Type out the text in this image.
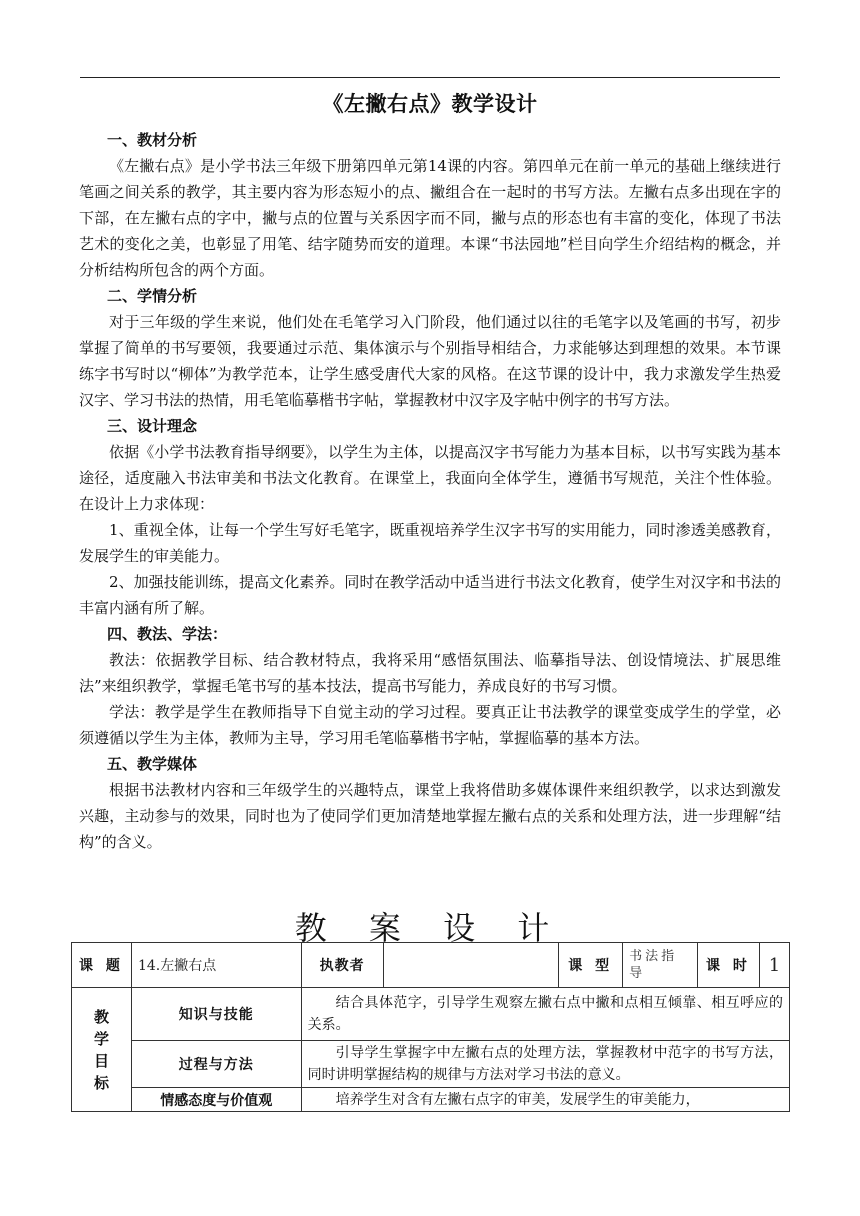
《左撇右点》教学设计

一、教材分析

《左撇右点》是小学书法三年级下册第四单元第14课的内容。第四单元在前一单元的基础上继续进行笔画之间关系的教学，其主要内容为形态短小的点、撇组合在一起时的书写方法。左撇右点多出现在字的下部，在左撇右点的字中，撇与点的位置与关系因字而不同，撇与点的形态也有丰富的变化，体现了书法艺术的变化之美，也彰显了用笔、结字随势而安的道理。本课“书法园地”栏目向学生介绍结构的概念，并分析结构所包含的两个方面。

二、学情分析

对于三年级的学生来说，他们处在毛笔学习入门阶段，他们通过以往的毛笔字以及笔画的书写，初步掌握了简单的书写要领，我要通过示范、集体演示与个别指导相结合，力求能够达到理想的效果。本节课练字书写时以“柳体”为教学范本，让学生感受唐代大家的风格。在这节课的设计中，我力求激发学生热爱汉字、学习书法的热情，用毛笔临摹楷书字帖，掌握教材中汉字及字帖中例字的书写方法。

三、设计理念

依据《小学书法教育指导纲要》，以学生为主体，以提高汉字书写能力为基本目标，以书写实践为基本途径，适度融入书法审美和书法文化教育。在课堂上，我面向全体学生，遵循书写规范，关注个性体验。在设计上力求体现：

1、重视全体，让每一个学生写好毛笔字，既重视培养学生汉字书写的实用能力，同时渗透美感教育，发展学生的审美能力。

2、加强技能训练，提高文化素养。同时在教学活动中适当进行书法文化教育，使学生对汉字和书法的丰富内涵有所了解。

四、教法、学法：

教法：依据教学目标、结合教材特点，我将采用“感悟氛围法、临摹指导法、创设情境法、扩展思维法”来组织教学，掌握毛笔书写的基本技法，提高书写能力，养成良好的书写习惯。

学法：教学是学生在教师指导下自觉主动的学习过程。要真正让书法教学的课堂变成学生的学堂，必须遵循以学生为主体，教师为主导，学习用毛笔临摹楷书字帖，掌握临摹的基本方法。

五、教学媒体

根据书法教材内容和三年级学生的兴趣特点，课堂上我将借助多媒体课件来组织教学，以求达到激发兴趣，主动参与的效果，同时也为了使同学们更加清楚地掌握左撇右点的关系和处理方法，进一步理解“结构”的含义。

教 案 设 计
课 题	14.左撇右点	执教者		课 型	书法指导	课 时	1

教学目标	知识与技能	结合具体范字，引导学生观察左撇右点中撇和点相互倾靠、相互呼应的关系。					
	过程与方法	引导学生掌握字中左撇右点的处理方法，掌握教材中范字的书写方法，同时讲明掌握结构的规律与方法对学习书法的意义。					
	情感态度与价值观	培养学生对含有左撇右点字的审美，发展学生的审美能力，					
